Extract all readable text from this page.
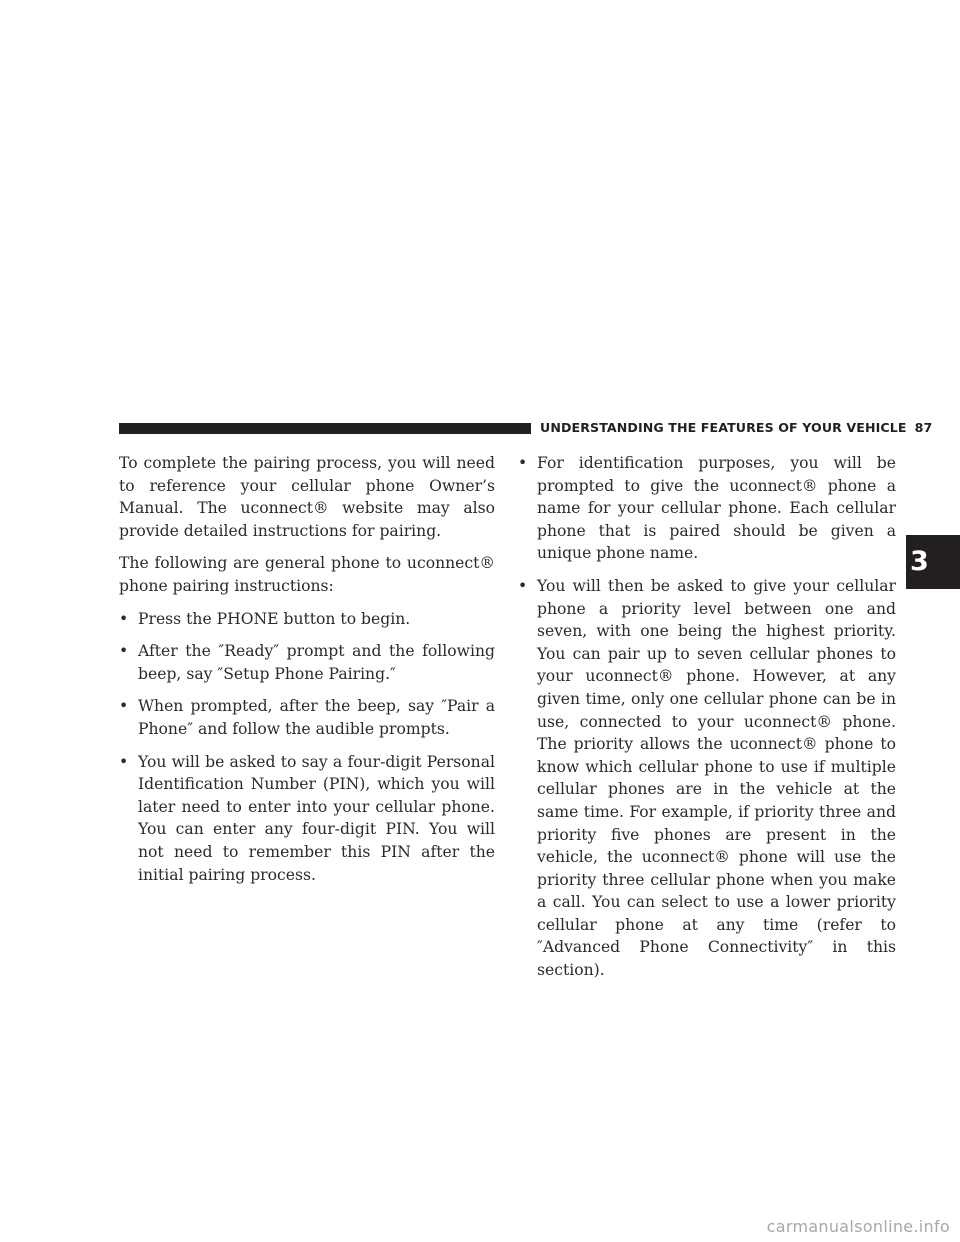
UNDERSTANDING THE FEATURES OF YOUR VEHICLE 87

To complete the pairing process, you will need to reference your cellular phone Owner’s Manual. The uconnect® website may also provide detailed instructions for pairing.

The following are general phone to uconnect® phone pairing instructions:

• Press the PHONE button to begin.
• After the ″Ready″ prompt and the following beep, say ″Setup Phone Pairing.″
• When prompted, after the beep, say ″Pair a Phone″ and follow the audible prompts.
• You will be asked to say a four-digit Personal Identification Number (PIN), which you will later need to enter into your cellular phone. You can enter any four-digit PIN. You will not need to remember this PIN after the initial pairing process.
• For identification purposes, you will be prompted to give the uconnect® phone a name for your cellular phone. Each cellular phone that is paired should be given a unique phone name.
• You will then be asked to give your cellular phone a priority level between one and seven, with one being the highest priority. You can pair up to seven cellular phones to your uconnect® phone. However, at any given time, only one cellular phone can be in use, connected to your uconnect® phone. The priority allows the uconnect® phone to know which cellular phone to use if multiple cellular phones are in the vehicle at the same time. For example, if priority three and priority five phones are present in the vehicle, the uconnect® phone will use the priority three cellular phone when you make a call. You can select to use a lower priority cellular phone at any time (refer to ″Advanced Phone Connectivity″ in this section).
3
carmanualsonline.info
